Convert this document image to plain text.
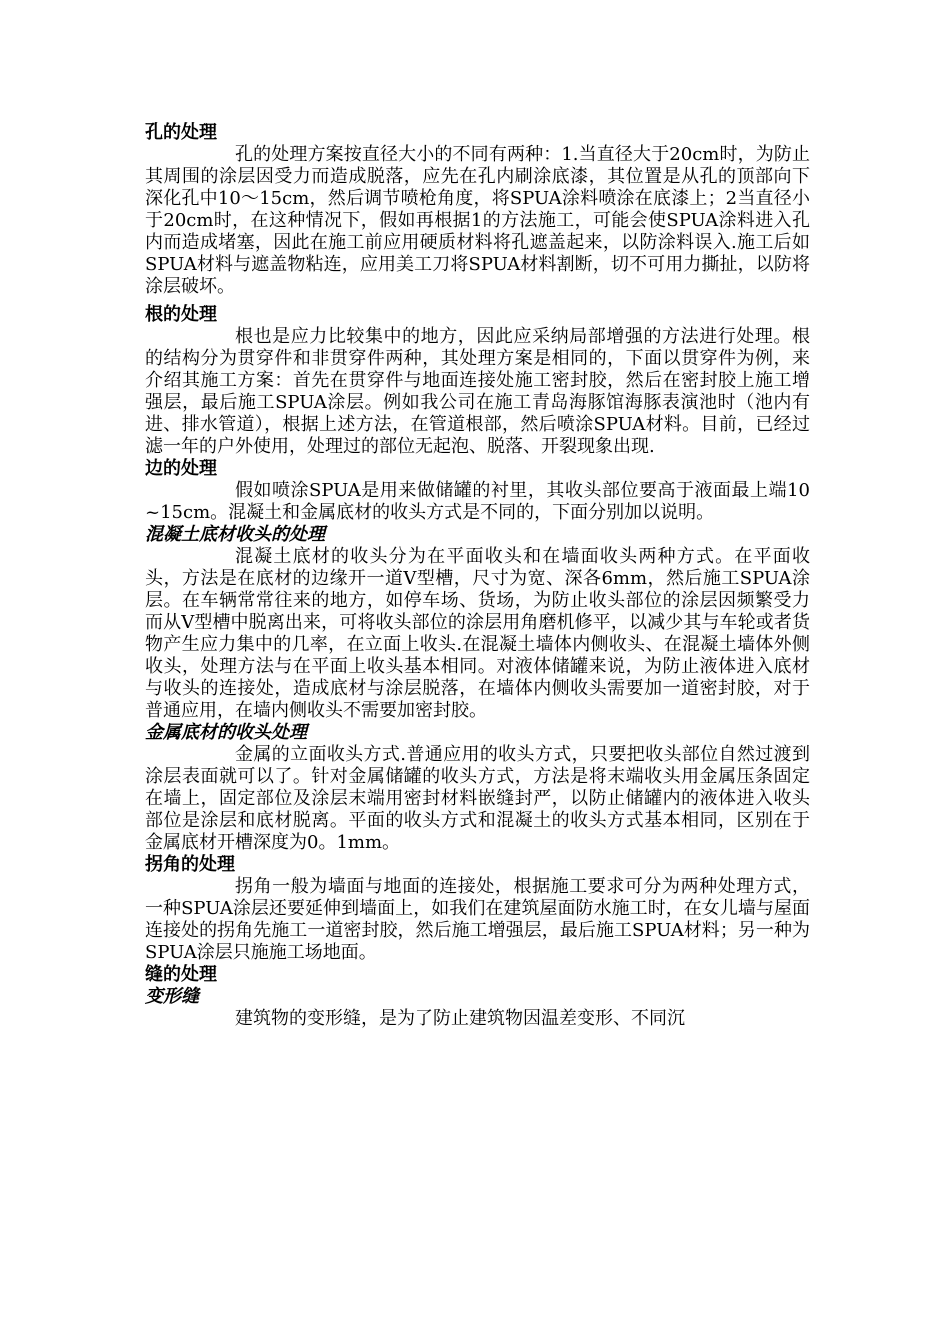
孔的处理

孔的处理方案按直径大小的不同有两种：1.当直径大于20cm时，为防止其周围的涂层因受力而造成脱落，应先在孔内刷涂底漆，其位置是从孔的顶部向下深化孔中10～15cm，然后调节喷枪角度，将SPUA涂料喷涂在底漆上；2当直径小于20cm时，在这种情况下，假如再根据1的方法施工，可能会使SPUA涂料进入孔内而造成堵塞，因此在施工前应用硬质材料将孔遮盖起来，以防涂料误入.施工后如SPUA材料与遮盖物粘连，应用美工刀将SPUA材料割断，切不可用力撕扯，以防将涂层破坏。

根的处理

根也是应力比较集中的地方，因此应采纳局部增强的方法进行处理。根的结构分为贯穿件和非贯穿件两种，其处理方案是相同的，下面以贯穿件为例，来介绍其施工方案：首先在贯穿件与地面连接处施工密封胶，然后在密封胶上施工增强层，最后施工SPUA涂层。例如我公司在施工青岛海豚馆海豚表演池时（池内有进、排水管道），根据上述方法，在管道根部，然后喷涂SPUA材料。目前，已经过滤一年的户外使用，处理过的部位无起泡、脱落、开裂现象出现.

边的处理

假如喷涂SPUA是用来做储罐的衬里，其收头部位要高于液面最上端10~15cm。混凝土和金属底材的收头方式是不同的，下面分别加以说明。

混凝土底材收头的处理

混凝土底材的收头分为在平面收头和在墙面收头两种方式。在平面收头，方法是在底材的边缘开一道V型槽，尺寸为宽、深各6mm，然后施工SPUA涂层。在车辆常常往来的地方，如停车场、货场，为防止收头部位的涂层因频繁受力而从V型槽中脱离出来，可将收头部位的涂层用角磨机修平，以减少其与车轮或者货物产生应力集中的几率，在立面上收头.在混凝土墙体内侧收头、在混凝土墙体外侧收头，处理方法与在平面上收头基本相同。对液体储罐来说，为防止液体进入底材与收头的连接处，造成底材与涂层脱落，在墙体内侧收头需要加一道密封胶，对于普通应用，在墙内侧收头不需要加密封胶。

金属底材的收头处理

金属的立面收头方式.普通应用的收头方式，只要把收头部位自然过渡到涂层表面就可以了。针对金属储罐的收头方式，方法是将末端收头用金属压条固定在墙上，固定部位及涂层末端用密封材料嵌缝封严，以防止储罐内的液体进入收头部位是涂层和底材脱离。平面的收头方式和混凝土的收头方式基本相同，区别在于金属底材开槽深度为0。1mm。

拐角的处理

拐角一般为墙面与地面的连接处，根据施工要求可分为两种处理方式，一种SPUA涂层还要延伸到墙面上，如我们在建筑屋面防水施工时，在女儿墙与屋面连接处的拐角先施工一道密封胶，然后施工增强层，最后施工SPUA材料；另一种为SPUA涂层只施施工场地面。

缝的处理
变形缝

建筑物的变形缝，是为了防止建筑物因温差变形、不同沉
